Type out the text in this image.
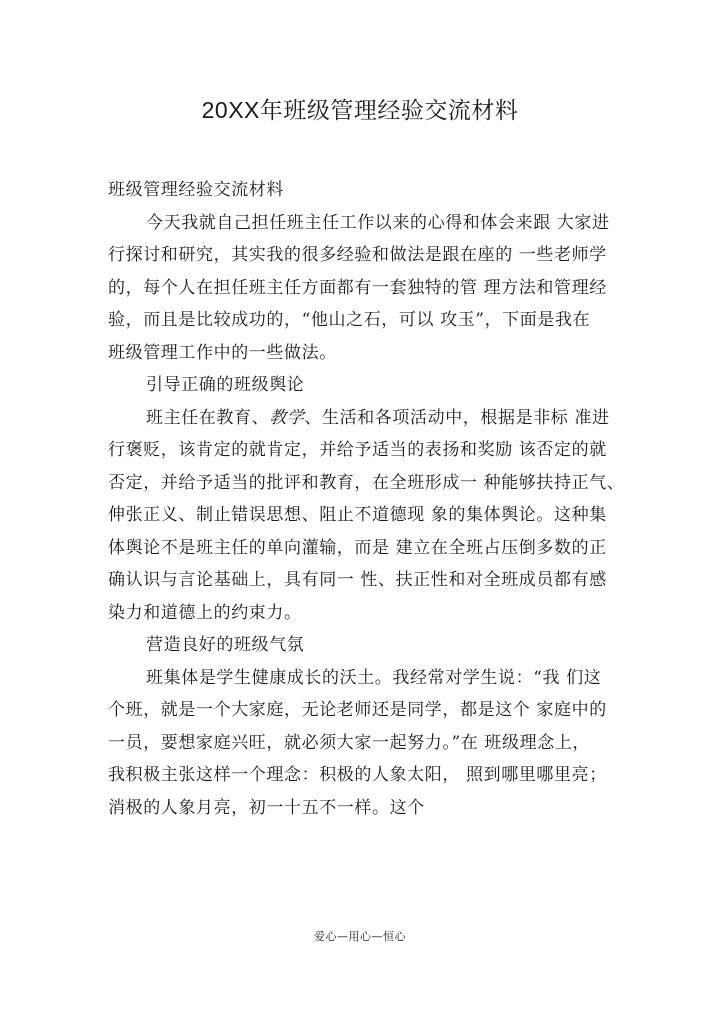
20XX年班级管理经验交流材料

班级管理经验交流材料

今天我就自己担任班主任工作以来的心得和体会来跟 大家进
行探讨和研究，其实我的很多经验和做法是跟在座的 一些老师学
的，每个人在担任班主任方面都有一套独特的管 理方法和管理经
验，而且是比较成功的，“他山之石，可以 攻玉”，下面是我在
班级管理工作中的一些做法。

引导正确的班级舆论

班主任在教育、教学、生活和各项活动中，根据是非标 准进
行褒贬，该肯定的就肯定，并给予适当的表扬和奖励 该否定的就
否定，并给予适当的批评和教育，在全班形成一 种能够扶持正气、
伸张正义、制止错误思想、阻止不道德现 象的集体舆论。这种集
体舆论不是班主任的单向灌输，而是 建立在全班占压倒多数的正
确认识与言论基础上，具有同一 性、扶正性和对全班成员都有感
染力和道德上的约束力。

营造良好的班级气氛

班集体是学生健康成长的沃土。我经常对学生说：“我 们这
个班，就是一个大家庭，无论老师还是同学，都是这个 家庭中的
一员，要想家庭兴旺，就必须大家一起努力。”在 班级理念上，
我积极主张这样一个理念：积极的人象太阳， 照到哪里哪里亮；
消极的人象月亮，初一十五不一样。这个

爱心—用心—恒心
